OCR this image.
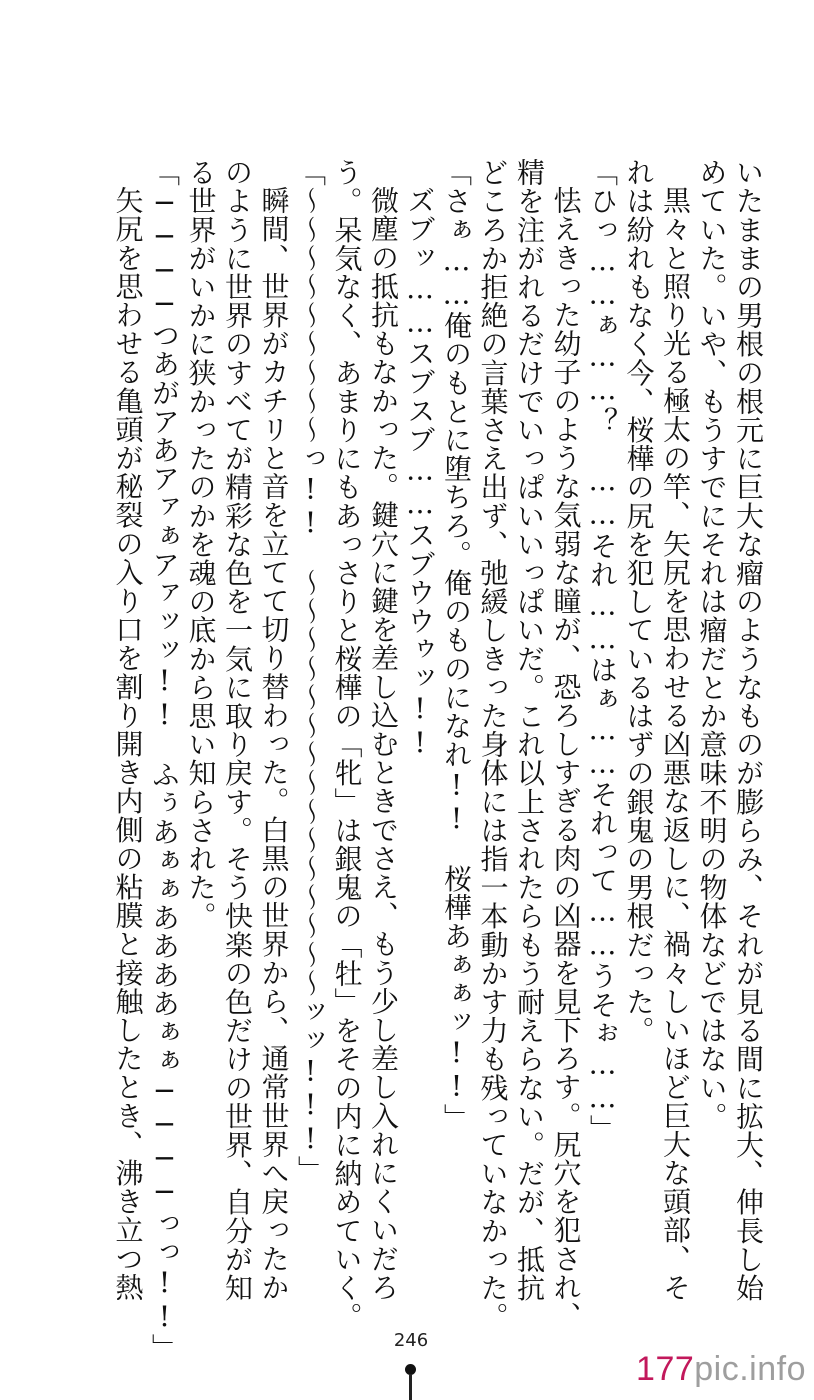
いたままの男根の根元に巨大な瘤のようなものが膨らみ、それが見る間に拡大、伸長し始
めていた。いや、もうすでにそれは瘤だとか意味不明の物体などではない。
黒々と照り光る極太の竿、矢尻を思わせる凶悪な返しに、禍々しいほど巨大な頭部、そ
れは紛れもなく今、桜樺の尻を犯しているはずの銀鬼の男根だった。
「ひっ……ぁ……？　……それ……はぁ……それって……うそぉ……」
怯えきった幼子のような気弱な瞳が、恐ろしすぎる肉の凶器を見下ろす。尻穴を犯され、
精を注がれるだけでいっぱいいっぱいだ。これ以上されたらもう耐えらない。だが、抵抗
どころか拒絶の言葉さえ出ず、弛緩しきった身体には指一本動かす力も残っていなかった。
「さぁ……俺のもとに堕ちろ。俺のものになれ!!　桜樺あぁぁッ!!」
ズブッ……スブスブ……スブウウゥッ!!
微塵の抵抗もなかった。鍵穴に鍵を差し込むときでさえ、もう少し差し入れにくいだろ
う。呆気なく、あまりにもあっさりと桜樺の「牝」は銀鬼の「牡」をその内に納めていく。
「〜〜〜〜〜〜〜〜〜っ!!　〜〜〜〜〜〜〜〜〜〜〜〜〜〜〜ッッ!!!」
瞬間、世界がカチリと音を立てて切り替わった。白黒の世界から、通常世界へ戻ったか
のように世界のすべてが精彩な色を一気に取り戻す。そう快楽の色だけの世界、自分が知
る世界がいかに狭かったのかを魂の底から思い知らされた。
「────つあがアあアァぁアァッッ!!　ふぅあぁぁああああぁぁ────っっ!!」
矢尻を思わせる亀頭が秘裂の入り口を割り開き内側の粘膜と接触したとき、沸き立つ熱
246
177pic.info
